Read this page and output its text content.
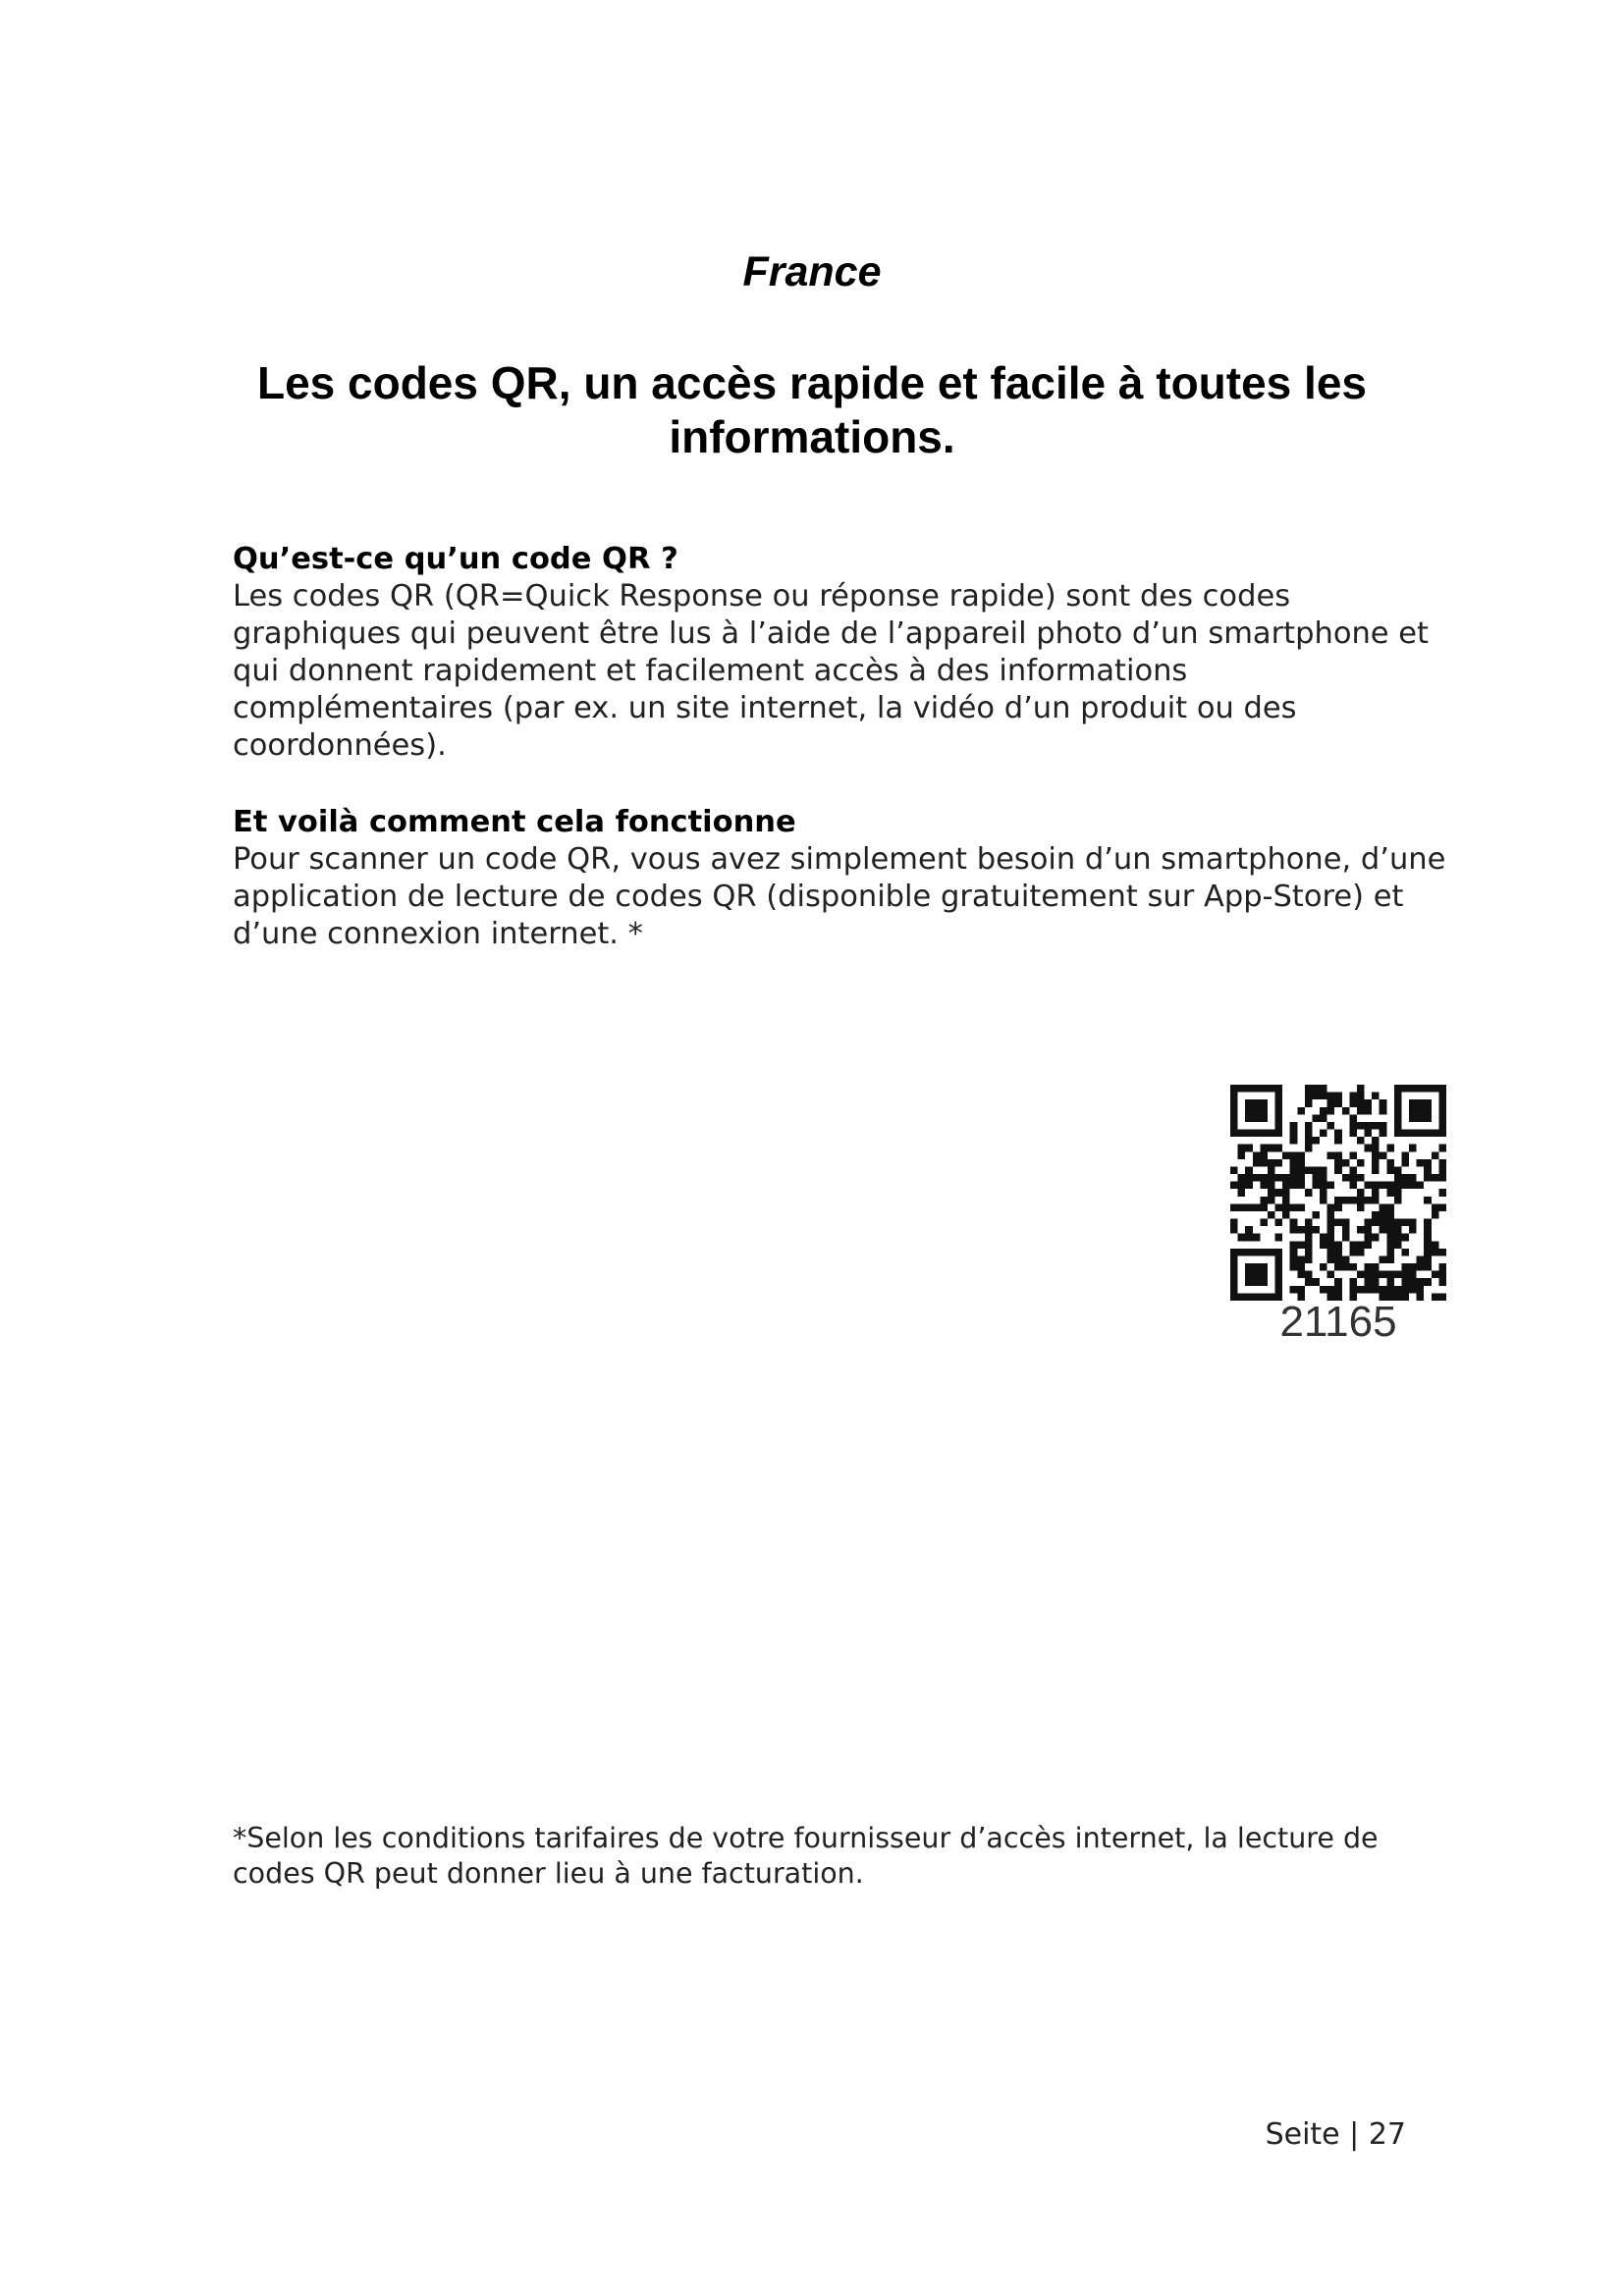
France
Les codes QR, un accès rapide et facile à toutes les informations.
Qu’est-ce qu’un code QR ?

Les codes QR (QR=Quick Response ou réponse rapide) sont des codes graphiques qui peuvent être lus à l’aide de l’appareil photo d’un smartphone et qui donnent rapidement et facilement accès à des informations complémentaires (par ex. un site internet, la vidéo d’un produit ou des coordonnées).

Et voilà comment cela fonctionne

Pour scanner un code QR, vous avez simplement besoin d’un smartphone, d’une application de lecture de codes QR (disponible gratuitement sur App-Store) et d’une connexion internet. *

21165

*Selon les conditions tarifaires de votre fournisseur d’accès internet, la lecture de codes QR peut donner lieu à une facturation.

Seite | 27
